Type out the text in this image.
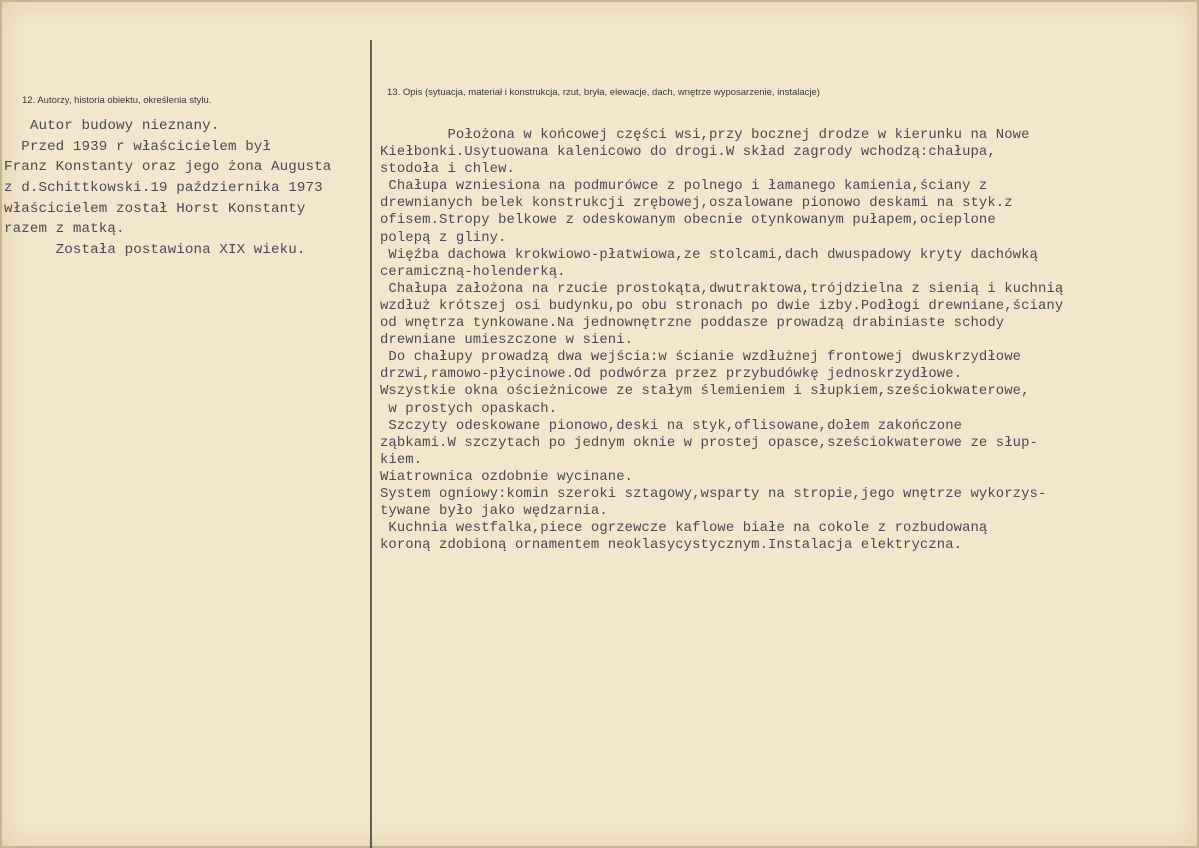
12. Autorzy, historia obiektu, określenia stylu.
13. Opis (sytuacja, materiał i konstrukcja, rzut, bryła, elewacje, dach, wnętrze wyposarzenie, instalacje)
Autor budowy nieznany.
Przed 1939 r właścicielem był
Franz Konstanty oraz jego żona Augusta
z d.Schittkowski.19 października 1973
właścicielem został Horst Konstanty
razem z matką.
Została postawiona XIX wieku.
Położona w końcowej części wsi,przy bocznej drodze w kierunku na Nowe
Kiełbonki.Usytuowana kalenicowo do drogi.W skład zagrody wchodzą:chałupa,
stodoła i chlew.
Chałupa wzniesiona na podmurówce z polnego i łamanego kamienia,ściany z
drewnianych belek konstrukcji zrębowej,oszalowane pionowo deskami na styk.z
ofisem.Stropy belkowe z odeskowanym obecnie otynkowanym pułapem,ocieplone
polepą z gliny.
Więźba dachowa krokwiowo-płatwiowa,ze stolcami,dach dwuspadowy kryty dachówką
ceramiczną-holenderką.
Chałupa założona na rzucie prostokąta,dwutraktowa,trójdzielna z sienią i kuchnią
wzdłuż krótszej osi budynku,po obu stronach po dwie izby.Podłogi drewniane,ściany
od wnętrza tynkowane.Na jednownętrzne poddasze prowadzą drabiniaste schody
drewniane umieszczone w sieni.
Do chałupy prowadzą dwa wejścia:w ścianie wzdłużnej frontowej dwuskrzydłowe
drzwi,ramowo-płycinowe.Od podwórza przez przybudówkę jednoskrzydłowe.
Wszystkie okna ościeżnicowe ze stałym ślemieniem i słupkiem,sześciokwaterowe,
w prostych opaskach.
Szczyty odeskowane pionowo,deski na styk,oflisowane,dołem zakończone
ząbkami.W szczytach po jednym oknie w prostej opasce,sześciokwaterowe ze słup-
kiem.
Wiatrownica ozdobnie wycinane.
System ogniowy:komin szeroki sztagowy,wsparty na stropie,jego wnętrze wykorzys-
tywane było jako wędzarnia.
Kuchnia westfalka,piece ogrzewcze kaflowe białe na cokole z rozbudowaną
koroną zdobioną ornamentem neoklasycystycznym.Instalacja elektryczna.
